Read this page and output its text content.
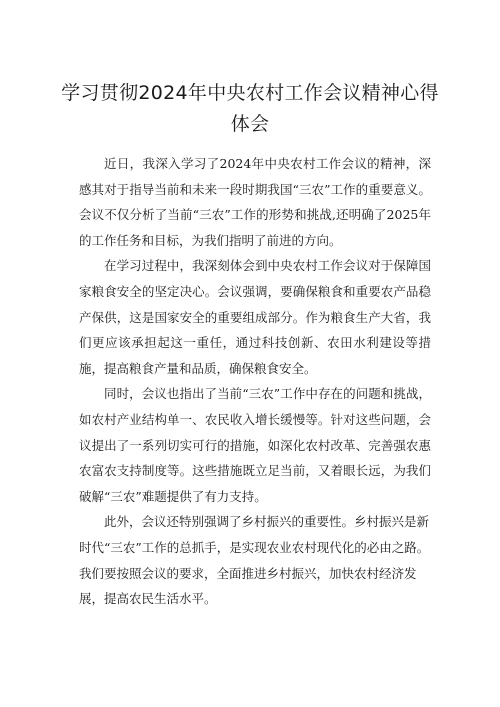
学习贯彻2024年中央农村工作会议精神心得体会

近日，我深入学习了2024年中央农村工作会议的精神，深感其对于指导当前和未来一段时期我国“三农”工作的重要意义。会议不仅分析了当前“三农”工作的形势和挑战,还明确了2025年的工作任务和目标，为我们指明了前进的方向。

在学习过程中，我深刻体会到中央农村工作会议对于保障国家粮食安全的坚定决心。会议强调，要确保粮食和重要农产品稳产保供，这是国家安全的重要组成部分。作为粮食生产大省，我们更应该承担起这一重任，通过科技创新、农田水利建设等措施，提高粮食产量和品质，确保粮食安全。

同时，会议也指出了当前“三农”工作中存在的问题和挑战，如农村产业结构单一、农民收入增长缓慢等。针对这些问题，会议提出了一系列切实可行的措施，如深化农村改革、完善强农惠农富农支持制度等。这些措施既立足当前，又着眼长远，为我们破解“三农”难题提供了有力支持。

此外，会议还特别强调了乡村振兴的重要性。乡村振兴是新时代“三农”工作的总抓手，是实现农业农村现代化的必由之路。我们要按照会议的要求，全面推进乡村振兴，加快农村经济发展，提高农民生活水平。
